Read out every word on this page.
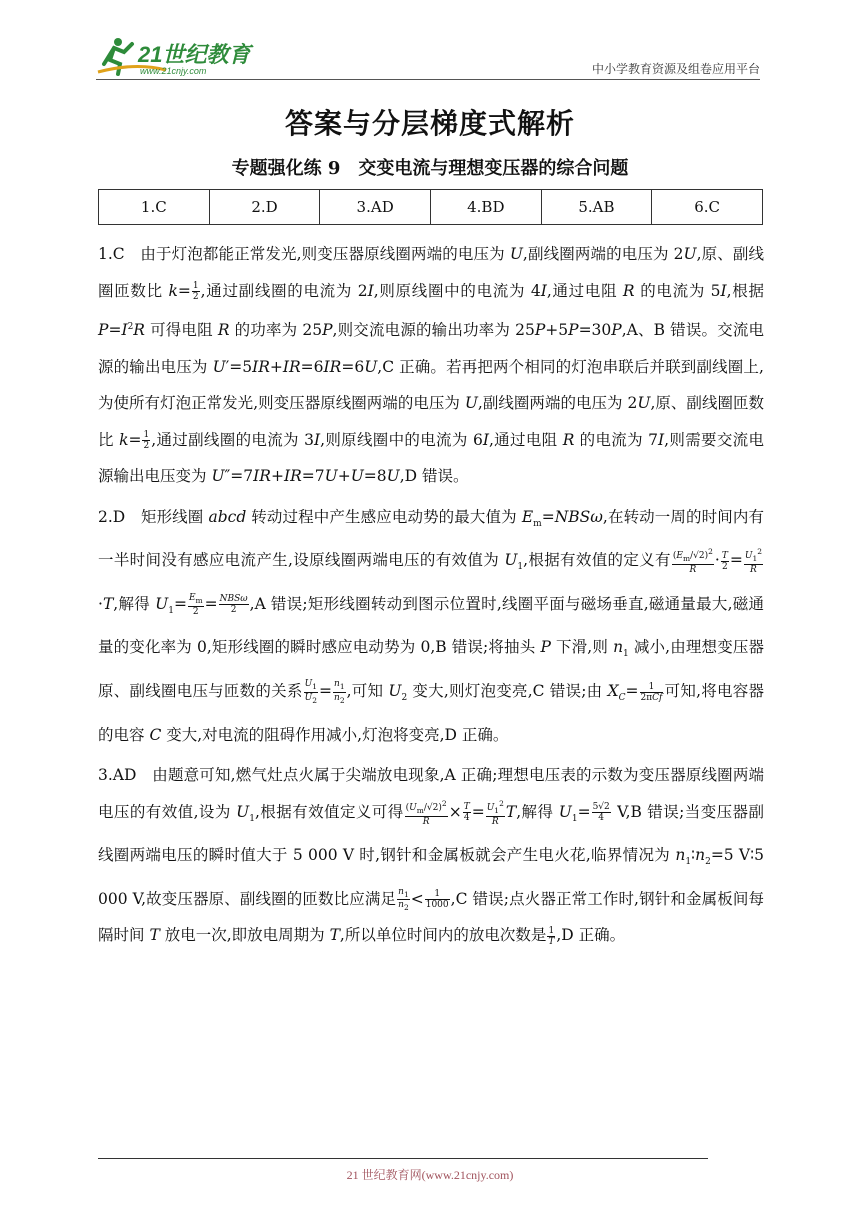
21世纪教育
www.21cnjy.com	中小学教育资源及组卷应用平台
答案与分层梯度式解析
专题强化练 9　交变电流与理想变压器的综合问题
1.C	2.D	3.AD	4.BD	5.AB	6.C

1.C　由于灯泡都能正常发光,则变压器原线圈两端的电压为 U,副线圈两端的电压为 2U,原、副线圈匝数比 $k= \frac{1}{2}$ ,通过副线圈的电流为 2I,则原线圈中的电流为 4I,通过电阻 R 的电流为 5I,根据 $P=I^2R$ 可得电阻 R 的功率为 25P,则交流电源的输出功率为 25P+5P=30P,A、B 错误。交流电源的输出电压为 U′=5IR+IR=6IR=6U,C 正确。若再把两个相同的灯泡串联后并联到副线圈上,为使所有灯泡正常发光,则变压器原线圈两端的电压为 U,副线圈两端的电压为 2U,原、副线圈匝数比 $k= \frac{1}{2}$ ,通过副线圈的电流为 3I,则原线圈中的电流为 6I,通过电阻 R 的电流为 7I,则需要交流电源输出电压变为 U″=7IR+IR=7U+U=8U,D 错误。

2.D　矩形线圈 abcd 转动过程中产生感应电动势的最大值为 $E_m=NBS\omega$,在转动一周的时间内有一半时间没有感应电流产生,设原线圈两端电压的有效值为 $U_1$,根据有效值的定义有 $\frac{(E_m/√2)^2}{R} \cdot \frac{T}{2} = \frac{U_1^2}{R}$
·T,解得 $U_1= \frac{E_m}{2} = \frac{\text{NBSω}}{2} ,A$ 错误;矩形线圈转动到图示位置时,线圈平面与磁场垂直,磁通量最大,磁通量的变化率为 0,矩形线圈的瞬时感应电动势为 0,B 错误;将抽头 P 下滑,则 $n_1$ 减小,由理想变压器原、副线圈电压与匝数的关系 $\frac{U_1}{U_2} = \frac{n_1}{n_2}$ ,可知 $U_2$ 变大,则灯泡变亮,C 错误;由 $X_C= \frac{1}{\text{2πCf}}$ 可知,将电容器的电容 C 变大,对电流的阻碍作用减小,灯泡将变亮,D 正确。

3.AD　由题意可知,燃气灶点火属于尖端放电现象,A 正确;理想电压表的示数为变压器原线圈两端电压的有效值,设为 $U_1$,根据有效值定义可得 $\frac{(U_m/√2)^2}{R} \times \frac{T}{4} = \frac{U_1^2}{R} T$,解得 $U_1= \frac{5√2}{4} V,B$ 错误;当变压器副线圈两端电压的瞬时值大于 5 000 V 时,钢针和金属板就会产生电火花,临界情况为 $n_1∶n_2=5$ V∶5 000 V,故变压器原、副线圈的匝数比应满足 $\frac{n_1}{n_2} < \frac{1}{1000} ,C$ 错误;点火器正常工作时,钢针和金属板间每隔时间 T 放电一次,即放电周期为 T,所以单位时间内的放电次数是 $\frac{1}{T} ,D$ 正确。

21 世纪教育网(www.21cnjy.com)
